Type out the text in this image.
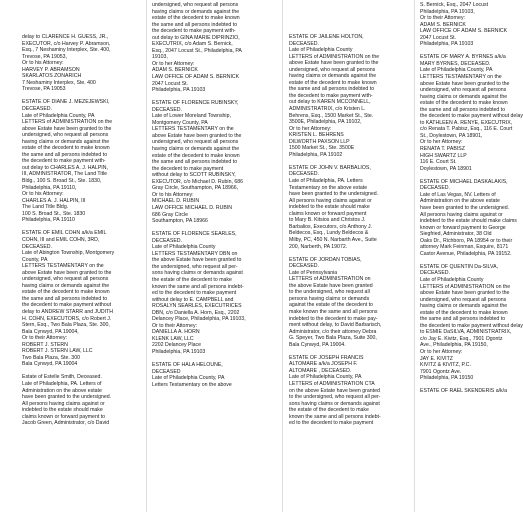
delay to CLARENCE H. GUESS, JR.,
EXECUTOR, c/o Harvey P. Abramson,
Esq., 7 Neshaminy Interplex, Ste. 400,
Trevose, PA 19053,
Or to his Attorney:
HARVEY P. ABRAMSON
SKARLATOS ZONARICH
7 Neshaminy Interplex, Ste. 400
Trevose, PA 19053
ESTATE OF DIANE J. MEZEJEWSKI,
DECEASED.
Late of Philadelphia County, PA
LETTERS of ADMINISTRATION on the
above Estate have been granted to the
undersigned, who request all persons
having claims or demands against the
estate of the decedent to make known
the same and all persons indebted to
the decedent to make payment with-
out delay to CHARLES A. J. HALPIN,
III, ADMINISTRATOR, The Land Title
Bldg., 100 S. Broad St., Ste. 1830,
Philadelphia, PA 19110,
Or to his Attorney:
CHARLES A. J. HALPIN, III
The Land Title Bldg.
100 S. Broad St., Ste. 1830
Philadelphia, PA 19110
ESTATE OF EMIL COHN a/k/a EMIL
COHN, III and EMIL COHN, 3RD,
DECEASED.
Late of Abington Township, Montgomery
County, PA
LETTERS TESTAMENTARY on the
above Estate have been granted to the
undersigned, who request all persons
having claims or demands against the
estate of the decedent to make known
the same and all persons indebted to
the decedent to make payment without
delay to ANDREW STARR and JUDITH
H. COHN, EXECUTORS, c/o Robert J.
Stern, Esq., Two Bala Plaza, Ste. 300,
Bala Cynwyd, PA 19004,
Or to their Attorney:
ROBERT J. STERN
ROBERT J. STERN LAW, LLC
Two Bala Plaza, Ste. 300
Bala Cynwyd, PA 19004
Estate of Estelle Smith, Deceased.
Late of Philadelphia, PA. Letters of
Administration on the above estate
have been granted to the undersigned.
All persons having claims against or
indebted to the estate should make
claims known or forward payment to
Jacob Green, Administrator, c/o David
undersigned, who request all persons
having claims or demands against the
estate of the decedent to make known
the same and all persons indebted to
the decedent to make payment with-
out delay to GINA MARIE DIPRINZIO,
EXECUTRIX, c/o Adam S. Bernick,
Esq., 2047 Locust St., Philadelphia, PA
19103,
Or to her Attorney:
ADAM S. BERNICK
LAW OFFICE OF ADAM S. BERNICK
2047 Locust St.
Philadelphia, PA 19103
ESTATE OF FLORENCE RUBINSKY,
DECEASED.
Late of Lower Moreland Township,
Montgomery County, PA
LETTERS TESTAMENTARY on the
above Estate have been granted to the
undersigned, who request all persons
having claims or demands against the
estate of the decedent to make known
the same and all persons indebted to
the decedent to make payment
without delay to SCOTT RUBINSKY,
EXECUTOR, c/o Michael D. Rubin, 686
Gray Circle, Southampton, PA 18966,
Or to his Attorney:
MICHAEL D. RUBIN
LAW OFFICE MICHAEL D. RUBIN
686 Gray Circle
Southampton, PA 18966
ESTATE OF FLORENCE SEARLES,
DECEASED.
Late of Philadelphia County
LETTERS TESTAMENTARY DBN on
the above Estate have been granted to
the undersigned, who request all per-
sons having claims or demands against
the estate of the decedent to make
known the same and all persons indebt-
ed to the decedent to make payment
without delay to E. CAMPBELL and
ROSALYN SEARLES, EXECUTRICES
DBN, c/o Daniella A. Horn, Esq., 2202
Delancey Place, Philadelphia, PA 19103,
Or to their Attorney:
DANIELLA A. HORN
KLENK LAW, LLC
2202 Delancey Place
Philadelphia, PA 19103
ESTATE OF HALA HELOUNE,
DECEASED
Late of Philadelphia County, PA
Letters Testamentary on the above
ESTATE OF JAILENE HOLTON,
DECEASED.
Late of Philadelphia County
LETTERS of ADMINISTRATION on the
above Estate have been granted to the
undersigned, who request all persons
having claims or demands against the
estate of the decedent to make known
the same and all persons indebted to
the decedent to make payment with-
out delay to KAREN MCCONNELL,
ADMINISTRATRIX, c/o Kristen L.
Behrens, Esq., 1500 Market St., Ste.
3500E, Philadelphia, PA 19102,
Or to her Attorney:
KRISTEN L. BEHRENS
DILWORTH PAXSON LLP
1500 Market St., Ste. 3500E
Philadelphia, PA 19102
ESTATE OF JOHN V. BARBALIOS,
DECEASED.
Late of Philadelphia, PA. Letters
Testamentary on the above estate
have been granted to the undersigned.
All persons having claims against or
indebted to the estate should make
claims known or forward payment
to Mary B. Kitsios and Christos J.
Barbalios, Executors, c/o Anthony J.
Beldecos, Esq., Lundy Beldecos &
Milby, PC, 450 N. Narbarth Ave., Suite
200, Narberth, PA 19072.
ESTATE OF JORDAN TOBIAS,
DECEASED.
Late of Pennsylvania
LETTERS of ADMINISTRATION on
the above Estate have been granted
to the undersigned, who request all
persons having claims or demands
against the estate of the decedent to
make known the same and all persons
indebted to the decedent to make pay-
ment without delay, to David Barbarisch,
Administrator, c/o their attorney Debra
G. Speyer, Two Bala Plaza, Suite 300,
Bala Cynwyd, PA 19004.
ESTATE OF JOSEPH FRANCIS
ALTOMARE a/k/a JOSEPH F.
ALTOMARE , DECEASED.
Late of Philadelphia County, PA
LETTERS of ADMINISTRATION CTA
on the above Estate have been granted
to the undersigned, who request all per-
sons having claims or demands against
the estate of the decedent to make
known the same and all persons indebt-
ed to the decedent to make payment
S. Bernick, Esq., 2047 Locust
Philadelphia, PA 19103,
Or to their Attorney:
ADAM S. BERNICK
LAW OFFICE OF ADAM S. BERNICK
2047 Locust St.
Philadelphia, PA 19103
ESTATE OF MARY A. BYRNES a/k/a
MARY BYRNES, DECEASED.
Late of Philadelphia County, PA
LETTERS TESTAMENTARY on the
above Estate have been granted to the
undersigned, who request all persons
having claims or demands against the
estate of the decedent to make known
the same and all persons indebted to
the decedent to make payment without delay
to KATHLEEN A. RENYE, EXECUTRIX,
c/o Renata T. Pabisz, Esq., 116 E. Court
St., Doylestown, PA 18901,
Or to her Attorney:
RENATA T. PABISZ
HIGH SWARTZ LLP
116 E. Court St.
Doylestown, PA 18901
ESTATE OF MICHAEL DASKALAKIS,
DECEASED.
Late of Las Vegas, NV. Letters of
Administration on the above estate
have been granted to the undersigned.
All persons having claims against or
indebted to the estate should make claims
known or forward payment to George
Siegfried, Administrator, 38 Old
Oaks Dr., Richboro, PA 18954 or to their
attorney Mark Feinman, Esquire, 8171
Castor Avenue, Philadelphia, PA 19152.
ESTATE OF QUENTIN Da-SILVA,
DECEASED.
Late of Philadelphia County
LETTERS of ADMINISTRATION on the
above Estate have been granted to the
undersigned, who request all persons
having claims or demands against the
estate of the decedent to make known
the same and all persons indebted to
the decedent to make payment without delay
to ESMIE DaSILVA, ADMINISTRATRIX,
c/o Jay E. Kivitz, Esq., 7901 Ogontz
Ave., Philadelphia, PA 19150,
Or to her Attorney:
JAY E. KIVITZ
KIVITZ & KIVITZ, P.C.
7901 Ogontz Ave.
Philadelphia, PA 19150
ESTATE OF RAEL SKENDERIS a/k/a
